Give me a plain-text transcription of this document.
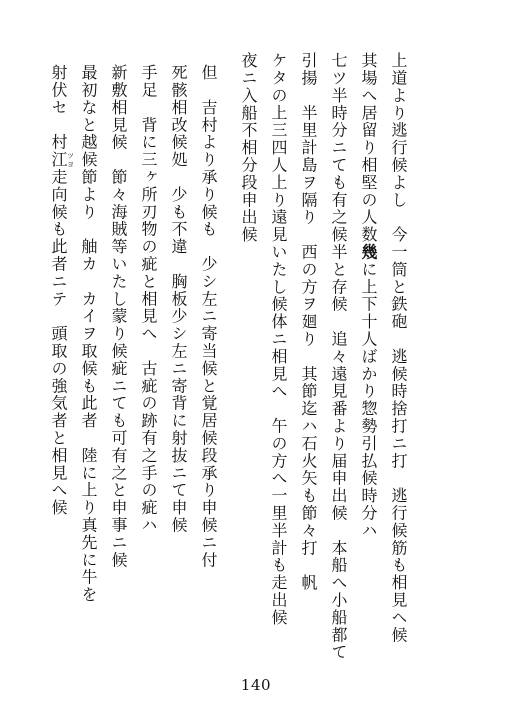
上道より逃行候よし　今一筒と鉄砲　逃候時捨打ニ打　逃行候筋も相見ヘ候
其場へ居留り相堅の人数幾に上下十人ばかり惣勢引払候時分ハ
七ツ半時分ニても有之候半と存候　追々遠見番より届申出候　本船へ小船都て
引揚　半里計島ヲ隔り　西の方ヲ廻り　其節迄ハ石火矢も節々打　帆
ケタの上三四人上り遠見いたし候体ニ相見へ　午の方へ一里半計も走出候
夜ニ入船不相分段申出候
但　吉村より承り候も　少シ左ニ寄当候と覚居候段承り申候ニ付
死骸相改候処　少も不違　胸板少シ左ニ寄背に射抜ニて申候
手足　背に三ヶ所刃物の疵と相見へ　古疵の跡有之手の疵ハ
新敷相見候　節々海賊等いたし蒙り候疵ニても可有之と申事ニ候
最初なと越候節より　舳カ　カイヲ取候も此者　陸に上り真先に牛を
射伏セ　村江ツヨ走向候も此者ニテ　頭取の強気者と相見へ候
140
